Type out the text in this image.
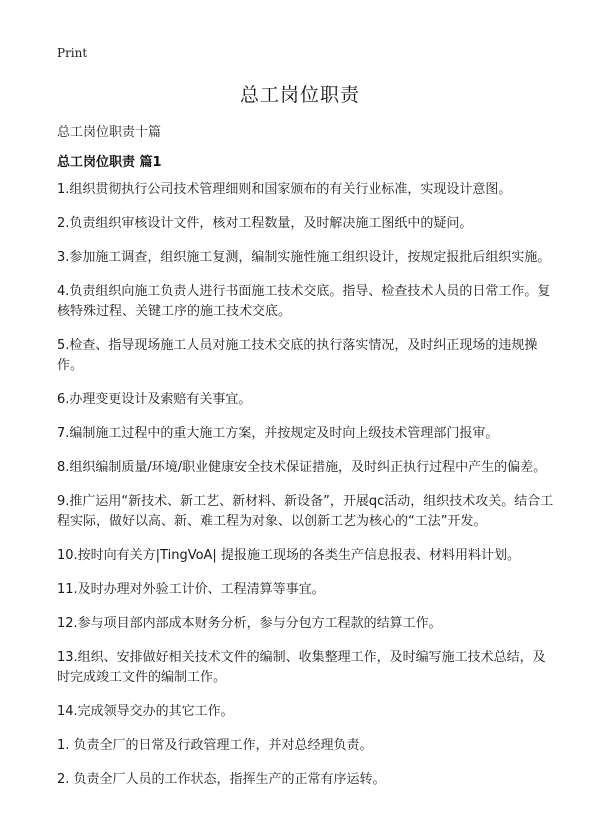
Print
总工岗位职责
总工岗位职责十篇
总工岗位职责 篇1
1.组织贯彻执行公司技术管理细则和国家颁布的有关行业标准，实现设计意图。
2.负责组织审核设计文件，核对工程数量，及时解决施工图纸中的疑问。
3.参加施工调查，组织施工复测，编制实施性施工组织设计，按规定报批后组织实施。
4.负责组织向施工负责人进行书面施工技术交底。指导、检查技术人员的日常工作。复核特殊过程、关键工序的施工技术交底。
5.检查、指导现场施工人员对施工技术交底的执行落实情况，及时纠正现场的违规操作。
6.办理变更设计及索赔有关事宜。
7.编制施工过程中的重大施工方案，并按规定及时向上级技术管理部门报审。
8.组织编制质量/环境/职业健康安全技术保证措施，及时纠正执行过程中产生的偏差。
9.推广运用“新技术、新工艺、新材料、新设备”，开展qc活动，组织技术攻关。结合工程实际，做好以高、新、难工程为对象、以创新工艺为核心的“工法”开发。
10.按时向有关方|TingVoA| 提报施工现场的各类生产信息报表、材料用料计划。
11.及时办理对外验工计价、工程清算等事宜。
12.参与项目部内部成本财务分析，参与分包方工程款的结算工作。
13.组织、安排做好相关技术文件的编制、收集整理工作，及时编写施工技术总结，及时完成竣工文件的编制工作。
14.完成领导交办的其它工作。
1. 负责全厂的日常及行政管理工作，并对总经理负责。
2. 负责全厂人员的工作状态，指挥生产的正常有序运转。
